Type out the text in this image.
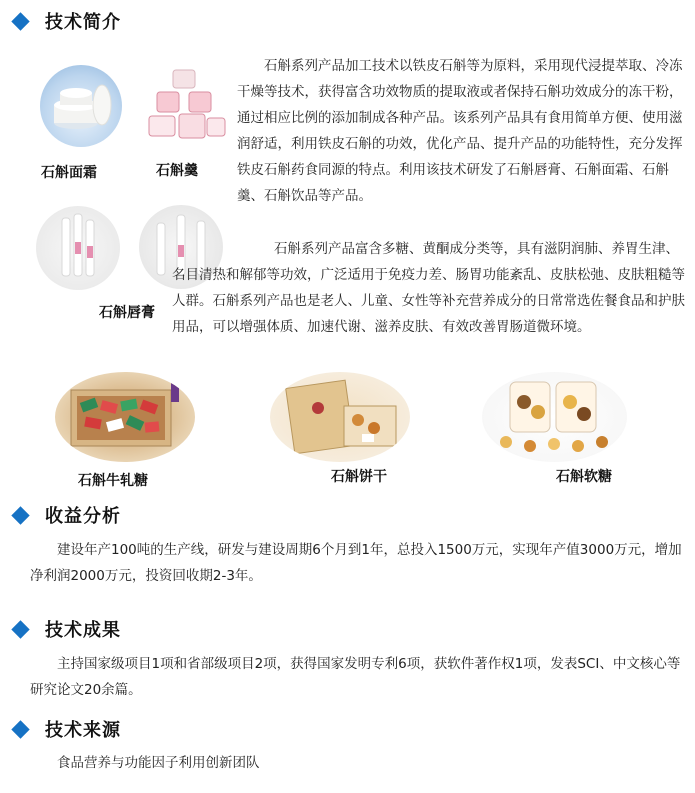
技术简介
石斛面霜	石斛羹
石斛唇膏
石斛系列产品加工技术以铁皮石斛等为原料，采用现代浸提萃取、冷冻干燥等技术，获得富含功效物质的提取液或者保持石斛功效成分的冻干粉，通过相应比例的添加制成各种产品。该系列产品具有食用简单方便、使用滋润舒适，利用铁皮石斛的功效，优化产品、提升产品的功能特性，充分发挥铁皮石斛药食同源的特点。利用该技术研发了石斛唇膏、石斛面霜、石斛羹、石斛饮品等产品。
石斛系列产品富含多糖、黄酮成分类等，具有滋阴润肺、养胃生津、名目清热和解郁等功效，广泛适用于免疫力差、肠胃功能紊乱、皮肤松弛、皮肤粗糙等人群。石斛系列产品也是老人、儿童、女性等补充营养成分的日常常选佐餐食品和护肤用品，可以增强体质、加速代谢、滋养皮肤、有效改善胃肠道微环境。
石斛牛轧糖	石斛饼干	石斛软糖
收益分析
建设年产100吨的生产线，研发与建设周期6个月到1年，总投入1500万元，实现年产值3000万元，增加净利润2000万元，投资回收期2-3年。
技术成果
主持国家级项目1项和省部级项目2项，获得国家发明专利6项，获软件著作权1项，发表SCI、中文核心等研究论文20余篇。
技术来源
食品营养与功能因子利用创新团队
